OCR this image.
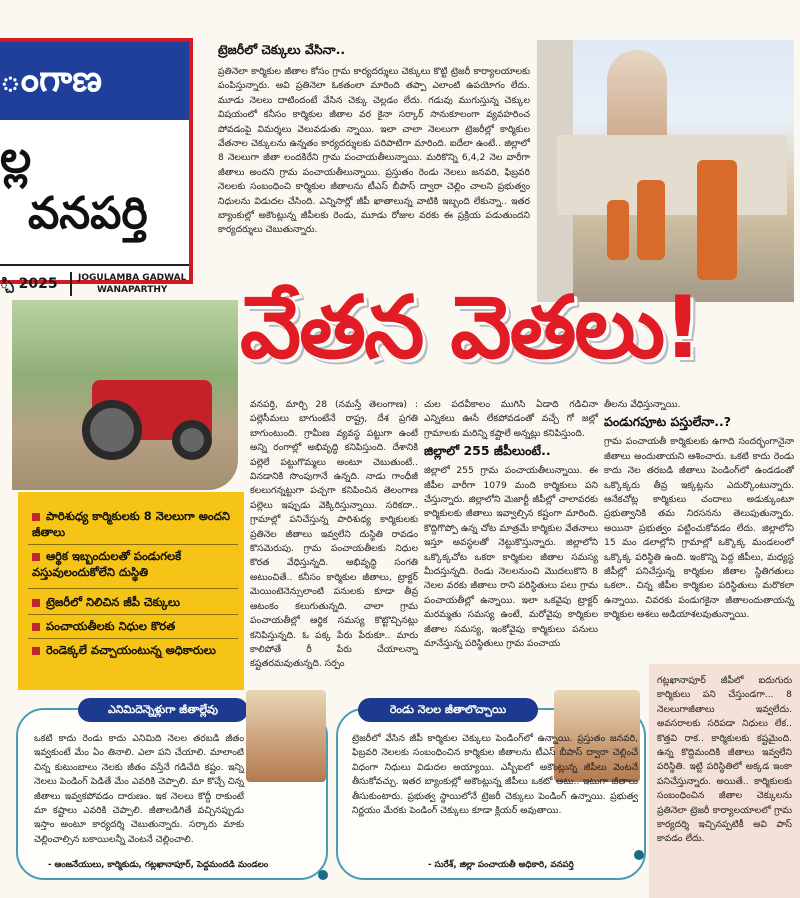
ంగాణ
ల్ల
వనపర్తి
్చి 2025	JOGULAMBA GADWAL
WANAPARTHY
ట్రెజరీలో చెక్కులు వేసినా..
ప్రతినెలా కార్మికుల జీతాల కోసం గ్రామ కార్యదర్శులు చెక్కులు కొట్టి ట్రెజరీ కార్యాలయాలకు పంపిస్తున్నారు. అవి ప్రతినెలా ఓకతంలా మారింది తప్పా ఎలాంటి ఉపయోగం లేదు. మూడు నెలలు దాటిందంటే వేసిన చెక్కు చెల్లడం లేదు. గడువు ముగుస్తున్న చెక్కుల విషయంలో కనీసం కార్మికుల జీతాల వర కైనా సర్కార్ సానుకూలంగా వ్యవహరించ పోవడంపై విమర్శలు వెలువడుతు న్నాయి. ఇలా చాలా నెలలుగా ట్రెజరీల్లో కార్మికుల వేతనాల చెక్కులను ఉన్నతం కార్యదర్శులకు పరిపాటిగా మారింది. ఐదేలా ఉంటే.. జిల్లాలో 8 నెలలుగా జీతా లందకిరేని గ్రామ పంచాయతీలున్నాయి. మరికొన్ని 6,4,2 నెల వారీగా జీతాలు అందని గ్రామ పంచాయతీలున్నాయి. ప్రస్తుతం రెండు నెలలు జనవరి, ఫిబ్రవరి నెలలకు సంబంధించి కార్మికుల జీతాలను టీఎస్ బీపాస్ ద్వారా చెల్లిం చాలని ప్రభుత్వం నిధులను విడుదల చేసింది. ఎన్నిసార్లో జీపీ ఖాతాలున్న వాటికి ఇబ్బంది లేకున్నా.. ఇతర బ్యాంకుల్లో అకౌంట్లున్న జీపీలకు రెండు, మూడు రోజుల వరకు ఈ ప్రక్రియ పడుతుందని కార్యదర్శులు చెబుతున్నారు.
వేతన వెతలు!
పారిశుధ్య కార్మికులకు 8 నెలలుగా అందని జీతాలు
ఆర్థిక ఇబ్బందులతో పండుగలకే వస్తువులందుకోలేని దుస్థితి
ట్రెజరీలో నిలిచిన జీపీ చెక్కులు
పంచాయతీలకు నిధుల కొరత
రెండెక్కలే వచ్చాయంటున్న అధికారులు
వనపర్తి, మార్చి 28 (నమస్తే తెలంగాణ) : పల్లెసీమలు బాగుంటేనే రాష్ట్ర, దేశ ప్రగతి బాగుంటుంది. గ్రామీణ వ్యవస్థ పట్టుగా ఉంటే అన్ని రంగాల్లో అభివృద్ధి కనిపిస్తుంది. దేశానికి పల్లెలే పట్టుగొమ్మలు అంటూ చెబుతుంటే.. వినడానికి సొంపుగానే ఉన్నది. నాడు గాంధీజీ కలలుగన్నట్టుగా పచ్చగా కనిపించిన తెలంగాణ పల్లెలు ఇప్పుడు వెక్కిరిస్తున్నాయి. సరికదా.. గ్రామాల్లో పనిచేస్తున్న పారిశుధ్య కార్మికులకు ప్రతినెల జీతాలు ఇవ్వలేని దుస్థితి రావడం కొసమెరుపు. గ్రామ పంచాయతీలకు నిధుల కొరత వేధిస్తున్నది. అభివృద్ధి సంగతి అటుంచితే.. కనీసం కార్మికుల జీతాలు, ట్రాక్టర్ మెయింటెనెన్సులాంటి పనులకు కూడా తీవ్ర ఆటంకం కలుగుతున్నది. చాలా గ్రామ పంచాయతీల్లో ఆర్థిక సమస్య కొట్టొచ్చినట్లు కనిపిస్తున్నది. ఓ పక్క పేరు పేరుకూ.. మారు కాలిపోతే రీ పేరు చేయాలన్నా కష్టతరమవుతున్నది. సర్పం
చుల పదవీకాలం ముగిసి ఏడాది గడిచినా ఎన్నికలు ఊసే లేకపోవడంతో వచ్చే గో జల్లో గ్రామాలకు మరిన్ని కష్టాలే అన్నట్లు కనిపిస్తుంది.
జిల్లాలో 255 జీపీలుంటే..
జిల్లాలో 255 గ్రామ పంచాయతీలున్నాయి. ఈ జీపీల వారీగా 1079 మంది కార్మికులు పని చేస్తున్నారు. జిల్లాలోని మెజార్టీ జీపీల్లో చాలావరకు కార్మికులకు జీతాలు ఇవ్వాల్సిన కష్టంగా మారింది. కొద్దిగొప్పో ఉన్న చోట మాత్రమే కార్మికుల వేతనాలు ఇస్తూ అవస్థలతో నెట్టుకొస్తున్నారు. జిల్లాలోని ఒక్కొక్కచోట ఒకరా కార్మికుల జీతాల సమస్య మీదస్తున్నది. రెండు నెలలనుంచి మొదలుకొని 8 నెలల వరకు జీతాలు రాని పరిస్థితులు పలు గ్రామ పంచాయతీల్లో ఉన్నాయి. ఇలా ఒకవైపు ట్రాక్టర్ మరమ్మతు సమస్య ఉంటే, మరోవైపు కార్మికుల జీతాల సమస్య, ఇంకోవైపు కార్మికులు పనులు మానేస్తున్న పరిస్థితులు గ్రామ పంచాయ
తీలను వేధిస్తున్నాయి.
పండుగపూట పస్తులేనా..?
గ్రామ పంచాయతీ కార్మికులకు ఉగాది సందర్భంగానైనా జీతాలు అందుతాయని ఆశించారు. ఒకటి కాదు రెండు కాదు నెల తరబడి జీతాలు పెండింగ్‌లో ఉండడంతో ఒక్కొక్కరు తీవ్ర ఇక్కట్లను ఎదుర్కొంటున్నారు. ఆనేకచోట్ల కార్మికులు చందాలు అడుక్కుంటూ ప్రభుత్వానికి తమ నిరసనను తెలుపుతున్నారు. అయినా ప్రభుత్వం పట్టించుకోవడం లేదు. జిల్లాలోని 15 మం డలాల్లోని గ్రామాల్లో ఒక్కొక్క మండలంలో ఒక్కొక్క పరిస్థితి ఉంది. ఇంకొన్ని పెద్ద జీపీలు, మధ్యస్థ జీపీల్లో పనిచేస్తున్న కార్మికుల జీతాల స్థితిగతులు ఒకలా.. చిన్న జీపీల కార్మికుల పరిస్థితులు మరొకలా ఉన్నాయి. చివరకు పండుగకైనా జీతాలందుతాయన్న కార్మికుల ఆశలు అడియాశలవుతున్నాయి.
గట్లఖానాపూర్ జీపీలో ఐదుగురు కార్మికులు పని చేస్తుండగా... 8 నెలలుగాజీతాలు ఇవ్వలేదు. అవసరాలకు సరిపడా నిధులు లేక.. కొత్తవి రాక.. కార్మికులకు కష్టమైంది. ఉన్న కొద్దిమందికి జీతాలు ఇవ్వలేని పరిస్థితి. ఇట్టి పరిస్థితిలో అక్కడ ఇంకా పనిచేస్తున్నారు. అయితే.. కార్మికులకు సంబంధించిన జీతాల చెక్కులను ప్రతినెలా ట్రెజరీ కార్యాలయాలలో గ్రామ కార్యదర్శి ఇచ్చినప్పటికీ అవి పాస్ కావడం లేదు.
ఎనిమిదెన్నెళ్లుగా జీతాల్లేవు
ఒకటి కాదు రెండు కాదు ఎనిమిది నెలల తరబడి జీతం ఇవ్వకుంటే మేం ఏం తినాలి. ఎలా పని చేయాలి. మాలాంటి చిన్న కుటుంబాలు నెలకు జీతం వస్తేనే గడిచేది కష్టం. ఇన్ని నెలలు పెండింగ్ పెడితే మేం ఎవరికి చెప్పాలి. మా కొచ్చే చిన్న జీతాలు ఇవ్వకపోవడం దారుణం. ఇక నెలలు కొద్దీ రాకుంటే మా కష్టాలు ఎవరికి చెప్పాలి. జీతాలడిగితే వచ్చినప్పుడు ఇస్తాం అంటూ కార్యదర్శి చెబుతున్నారు. సర్కారు మాకు చెల్లించాల్సిన బకాయిలన్నీ వెంటనే చెల్లించాలి.
- ఆంజనేయులు, కార్మికుడు, గట్లఖానాపూర్, పెద్దమందడి మండలం
రెండు నెలల జీతాలొచ్చాయి
ట్రెజరీలో వేసిన జీపీ కార్మికుల చెక్కులు పెండింగ్‌లో ఉన్నాయి. ప్రస్తుతం జనవరి, ఫిబ్రవరి నెలలకు సంబంధించిన కార్మికుల జీతాలను టీఎస్ బీపాస్ ద్వారా చెల్లించే విధంగా నిధులు విడుదల అయ్యాయి. ఎస్బీఐలో అకౌంట్లున్న జీపీలు వెంటనే తీసుకోవచ్చు. ఇతర బ్యాంకుల్లో అకౌంట్లున్న జీపీలు ఒకటో అటు.. ఇటుగా జీతాలు తీసుకుంటారు. ప్రభుత్వ స్థాయిలోనే ట్రెజరీ చెక్కులు పెండింగ్ ఉన్నాయి. ప్రభుత్వ నిర్ణయం మేరకు పెండింగ్ చెక్కులు కూడా క్లియర్ అవుతాయి.
- సురేశ్, జిల్లా పంచాయతీ అధికారి, వనపర్తి
